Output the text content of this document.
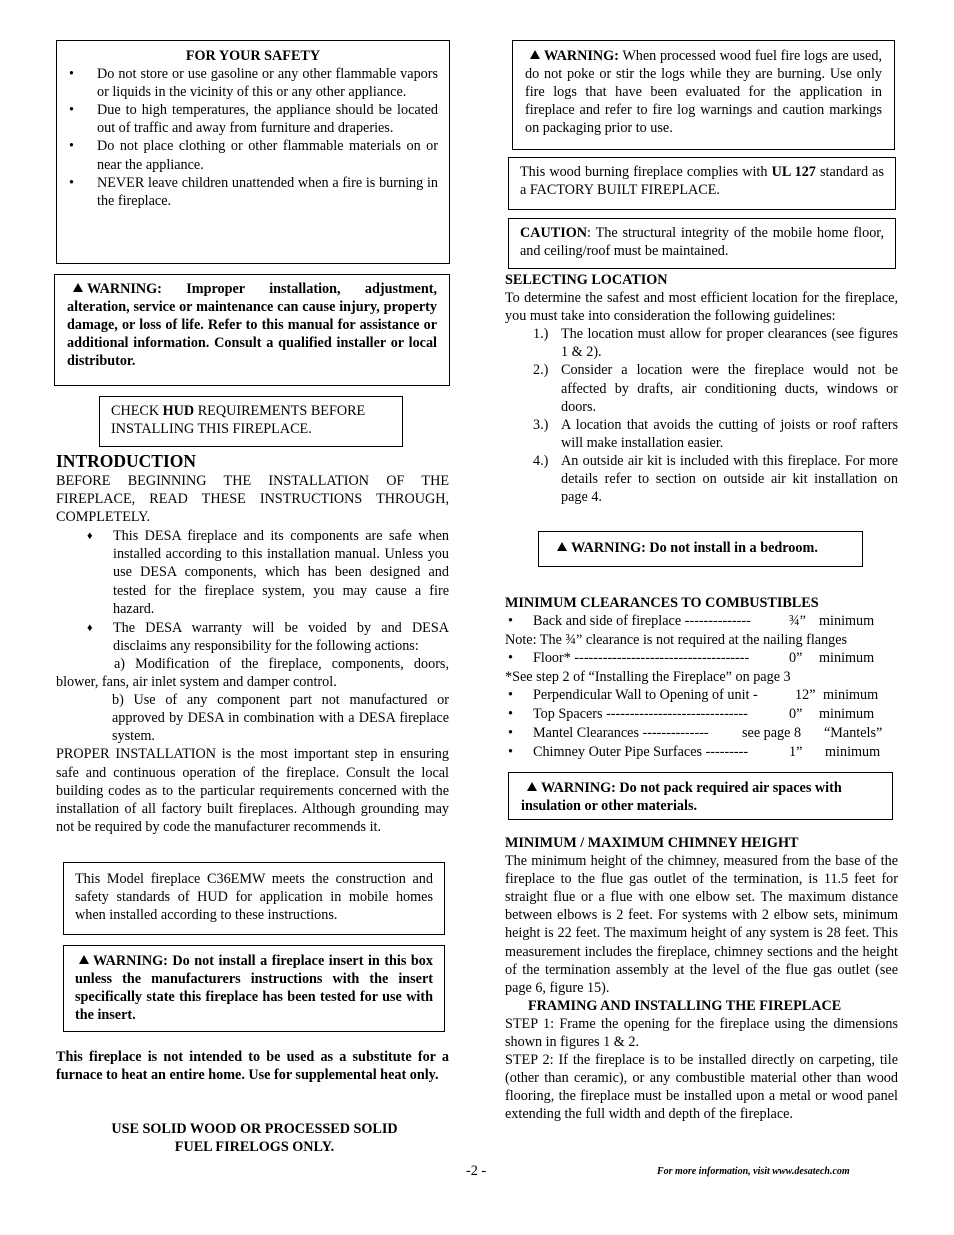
FOR YOUR SAFETY
• Do not store or use gasoline or any other flammable vapors or liquids in the vicinity of this or any other appliance.
• Due to high temperatures, the appliance should be located out of traffic and away from furniture and draperies.
• Do not place clothing or other flammable materials on or near the appliance.
• NEVER leave children unattended when a fire is burning in the fireplace.
WARNING: Improper installation, adjustment, alteration, service or maintenance can cause injury, property damage, or loss of life. Refer to this manual for assistance or additional information. Consult a qualified installer or local distributor.
CHECK HUD REQUIREMENTS BEFORE INSTALLING THIS FIREPLACE.
INTRODUCTION
BEFORE BEGINNING THE INSTALLATION OF THE FIREPLACE, READ THESE INSTRUCTIONS THROUGH, COMPLETELY.
♦ This DESA fireplace and its components are safe when installed according to this installation manual. Unless you use DESA components, which has been designed and tested for the fireplace system, you may cause a fire hazard.
♦ The DESA warranty will be voided by and DESA disclaims any responsibility for the following actions:
a) Modification of the fireplace, components, doors, blower, fans, air inlet system and damper control.
b) Use of any component part not manufactured or approved by DESA in combination with a DESA fireplace system.
PROPER INSTALLATION is the most important step in ensuring safe and continuous operation of the fireplace. Consult the local building codes as to the particular requirements concerned with the installation of all factory built fireplaces. Although grounding may not be required by code the manufacturer recommends it.
This Model fireplace C36EMW meets the construction and safety standards of HUD for application in mobile homes when installed according to these instructions.
WARNING: Do not install a fireplace insert in this box unless the manufacturers instructions with the insert specifically state this fireplace has been tested for use with the insert.
This fireplace is not intended to be used as a substitute for a furnace to heat an entire home. Use for supplemental heat only.
USE SOLID WOOD OR PROCESSED SOLID FUEL FIRELOGS ONLY.
WARNING: When processed wood fuel fire logs are used, do not poke or stir the logs while they are burning. Use only fire logs that have been evaluated for the application in fireplace and refer to fire log warnings and caution markings on packaging prior to use.
This wood burning fireplace complies with UL 127 standard as a FACTORY BUILT FIREPLACE.
CAUTION: The structural integrity of the mobile home floor, and ceiling/roof must be maintained.
SELECTING LOCATION
To determine the safest and most efficient location for the fireplace, you must take into consideration the following guidelines:
1.) The location must allow for proper clearances (see figures 1 & 2).
2.) Consider a location were the fireplace would not be affected by drafts, air conditioning ducts, windows or doors.
3.) A location that avoids the cutting of joists or roof rafters will make installation easier.
4.) An outside air kit is included with this fireplace. For more details refer to section on outside air kit installation on page 4.
WARNING: Do not install in a bedroom.
MINIMUM CLEARANCES TO COMBUSTIBLES
• Back and side of fireplace --------------	¾” minimum
Note: The ¾” clearance is not required at the nailing flanges
• Floor* -------------------------------------	0” minimum
*See step 2 of “Installing the Fireplace” on page 3
• Perpendicular Wall to Opening of unit -	12” minimum
• Top Spacers ------------------------------	0” minimum
• Mantel Clearances -------------- see page 8 “Mantels”
• Chimney Outer Pipe Surfaces ---------	1” minimum
WARNING: Do not pack required air spaces with insulation or other materials.
MINIMUM / MAXIMUM CHIMNEY HEIGHT
The minimum height of the chimney, measured from the base of the fireplace to the flue gas outlet of the termination, is 11.5 feet for straight flue or a flue with one elbow set. The maximum distance between elbows is 2 feet. For systems with 2 elbow sets, minimum height is 22 feet. The maximum height of any system is 28 feet. This measurement includes the fireplace, chimney sections and the height of the termination assembly at the level of the flue gas outlet (see page 6, figure 15).
FRAMING AND INSTALLING THE FIREPLACE
STEP 1: Frame the opening for the fireplace using the dimensions shown in figures 1 & 2.
STEP 2: If the fireplace is to be installed directly on carpeting, tile (other than ceramic), or any combustible material other than wood flooring, the fireplace must be installed upon a metal or wood panel extending the full width and depth of the fireplace.
-2 -	For more information, visit www.desatech.com
